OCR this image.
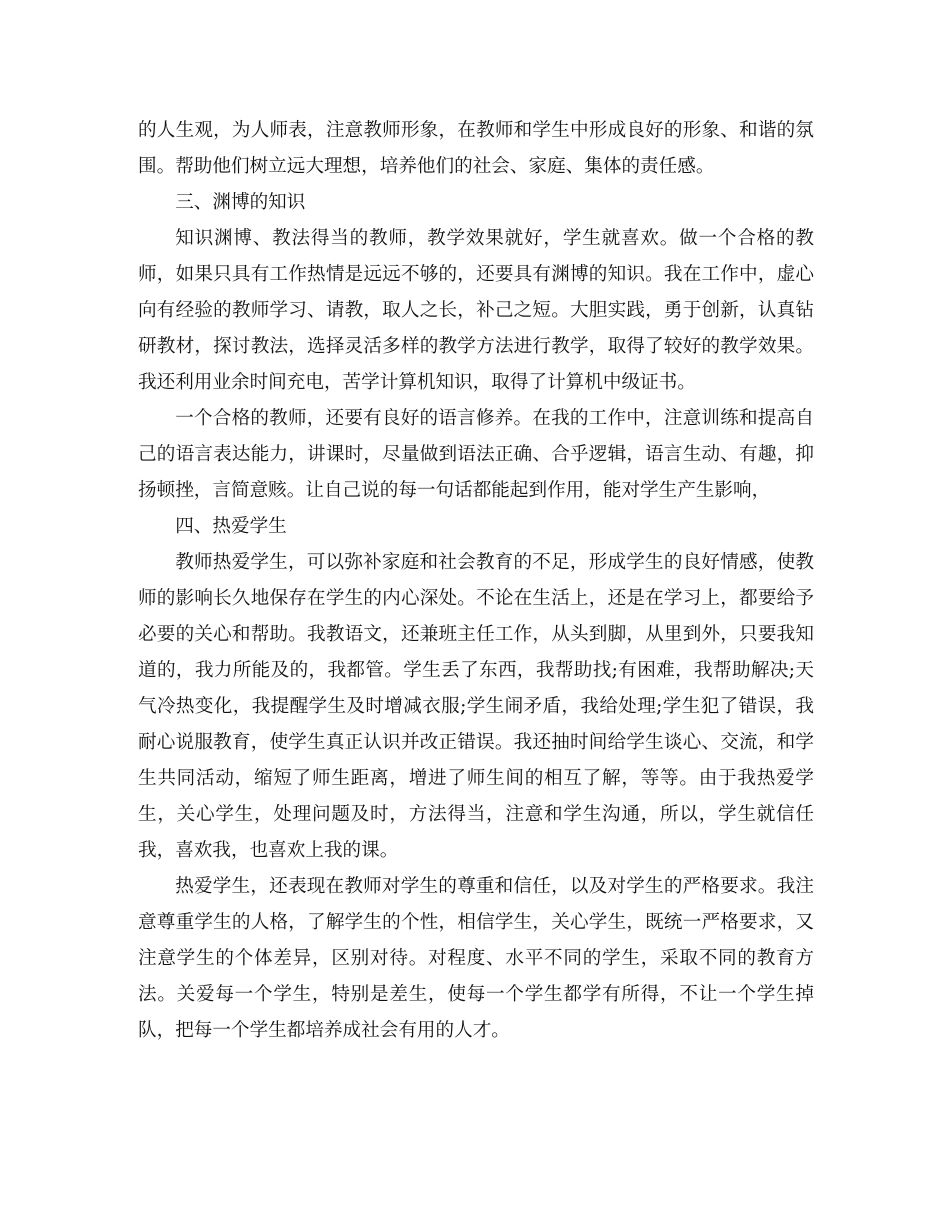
的人生观，为人师表，注意教师形象，在教师和学生中形成良好的形象、和谐的氛围。帮助他们树立远大理想，培养他们的社会、家庭、集体的责任感。

三、渊博的知识

知识渊博、教法得当的教师，教学效果就好，学生就喜欢。做一个合格的教师，如果只具有工作热情是远远不够的，还要具有渊博的知识。我在工作中，虚心向有经验的教师学习、请教，取人之长，补己之短。大胆实践，勇于创新，认真钻研教材，探讨教法，选择灵活多样的教学方法进行教学，取得了较好的教学效果。我还利用业余时间充电，苦学计算机知识，取得了计算机中级证书。

一个合格的教师，还要有良好的语言修养。在我的工作中，注意训练和提高自己的语言表达能力，讲课时，尽量做到语法正确、合乎逻辑，语言生动、有趣，抑扬顿挫，言简意赅。让自己说的每一句话都能起到作用，能对学生产生影响，

四、热爱学生

教师热爱学生，可以弥补家庭和社会教育的不足，形成学生的良好情感，使教师的影响长久地保存在学生的内心深处。不论在生活上，还是在学习上，都要给予必要的关心和帮助。我教语文，还兼班主任工作，从头到脚，从里到外，只要我知道的，我力所能及的，我都管。学生丢了东西，我帮助找;有困难，我帮助解决;天气冷热变化，我提醒学生及时增减衣服;学生闹矛盾，我给处理;学生犯了错误，我耐心说服教育，使学生真正认识并改正错误。我还抽时间给学生谈心、交流，和学生共同活动，缩短了师生距离，增进了师生间的相互了解，等等。由于我热爱学生，关心学生，处理问题及时，方法得当，注意和学生沟通，所以，学生就信任我，喜欢我，也喜欢上我的课。

热爱学生，还表现在教师对学生的尊重和信任，以及对学生的严格要求。我注意尊重学生的人格，了解学生的个性，相信学生，关心学生，既统一严格要求，又注意学生的个体差异，区别对待。对程度、水平不同的学生，采取不同的教育方法。关爱每一个学生，特别是差生，使每一个学生都学有所得，不让一个学生掉队，把每一个学生都培养成社会有用的人才。
